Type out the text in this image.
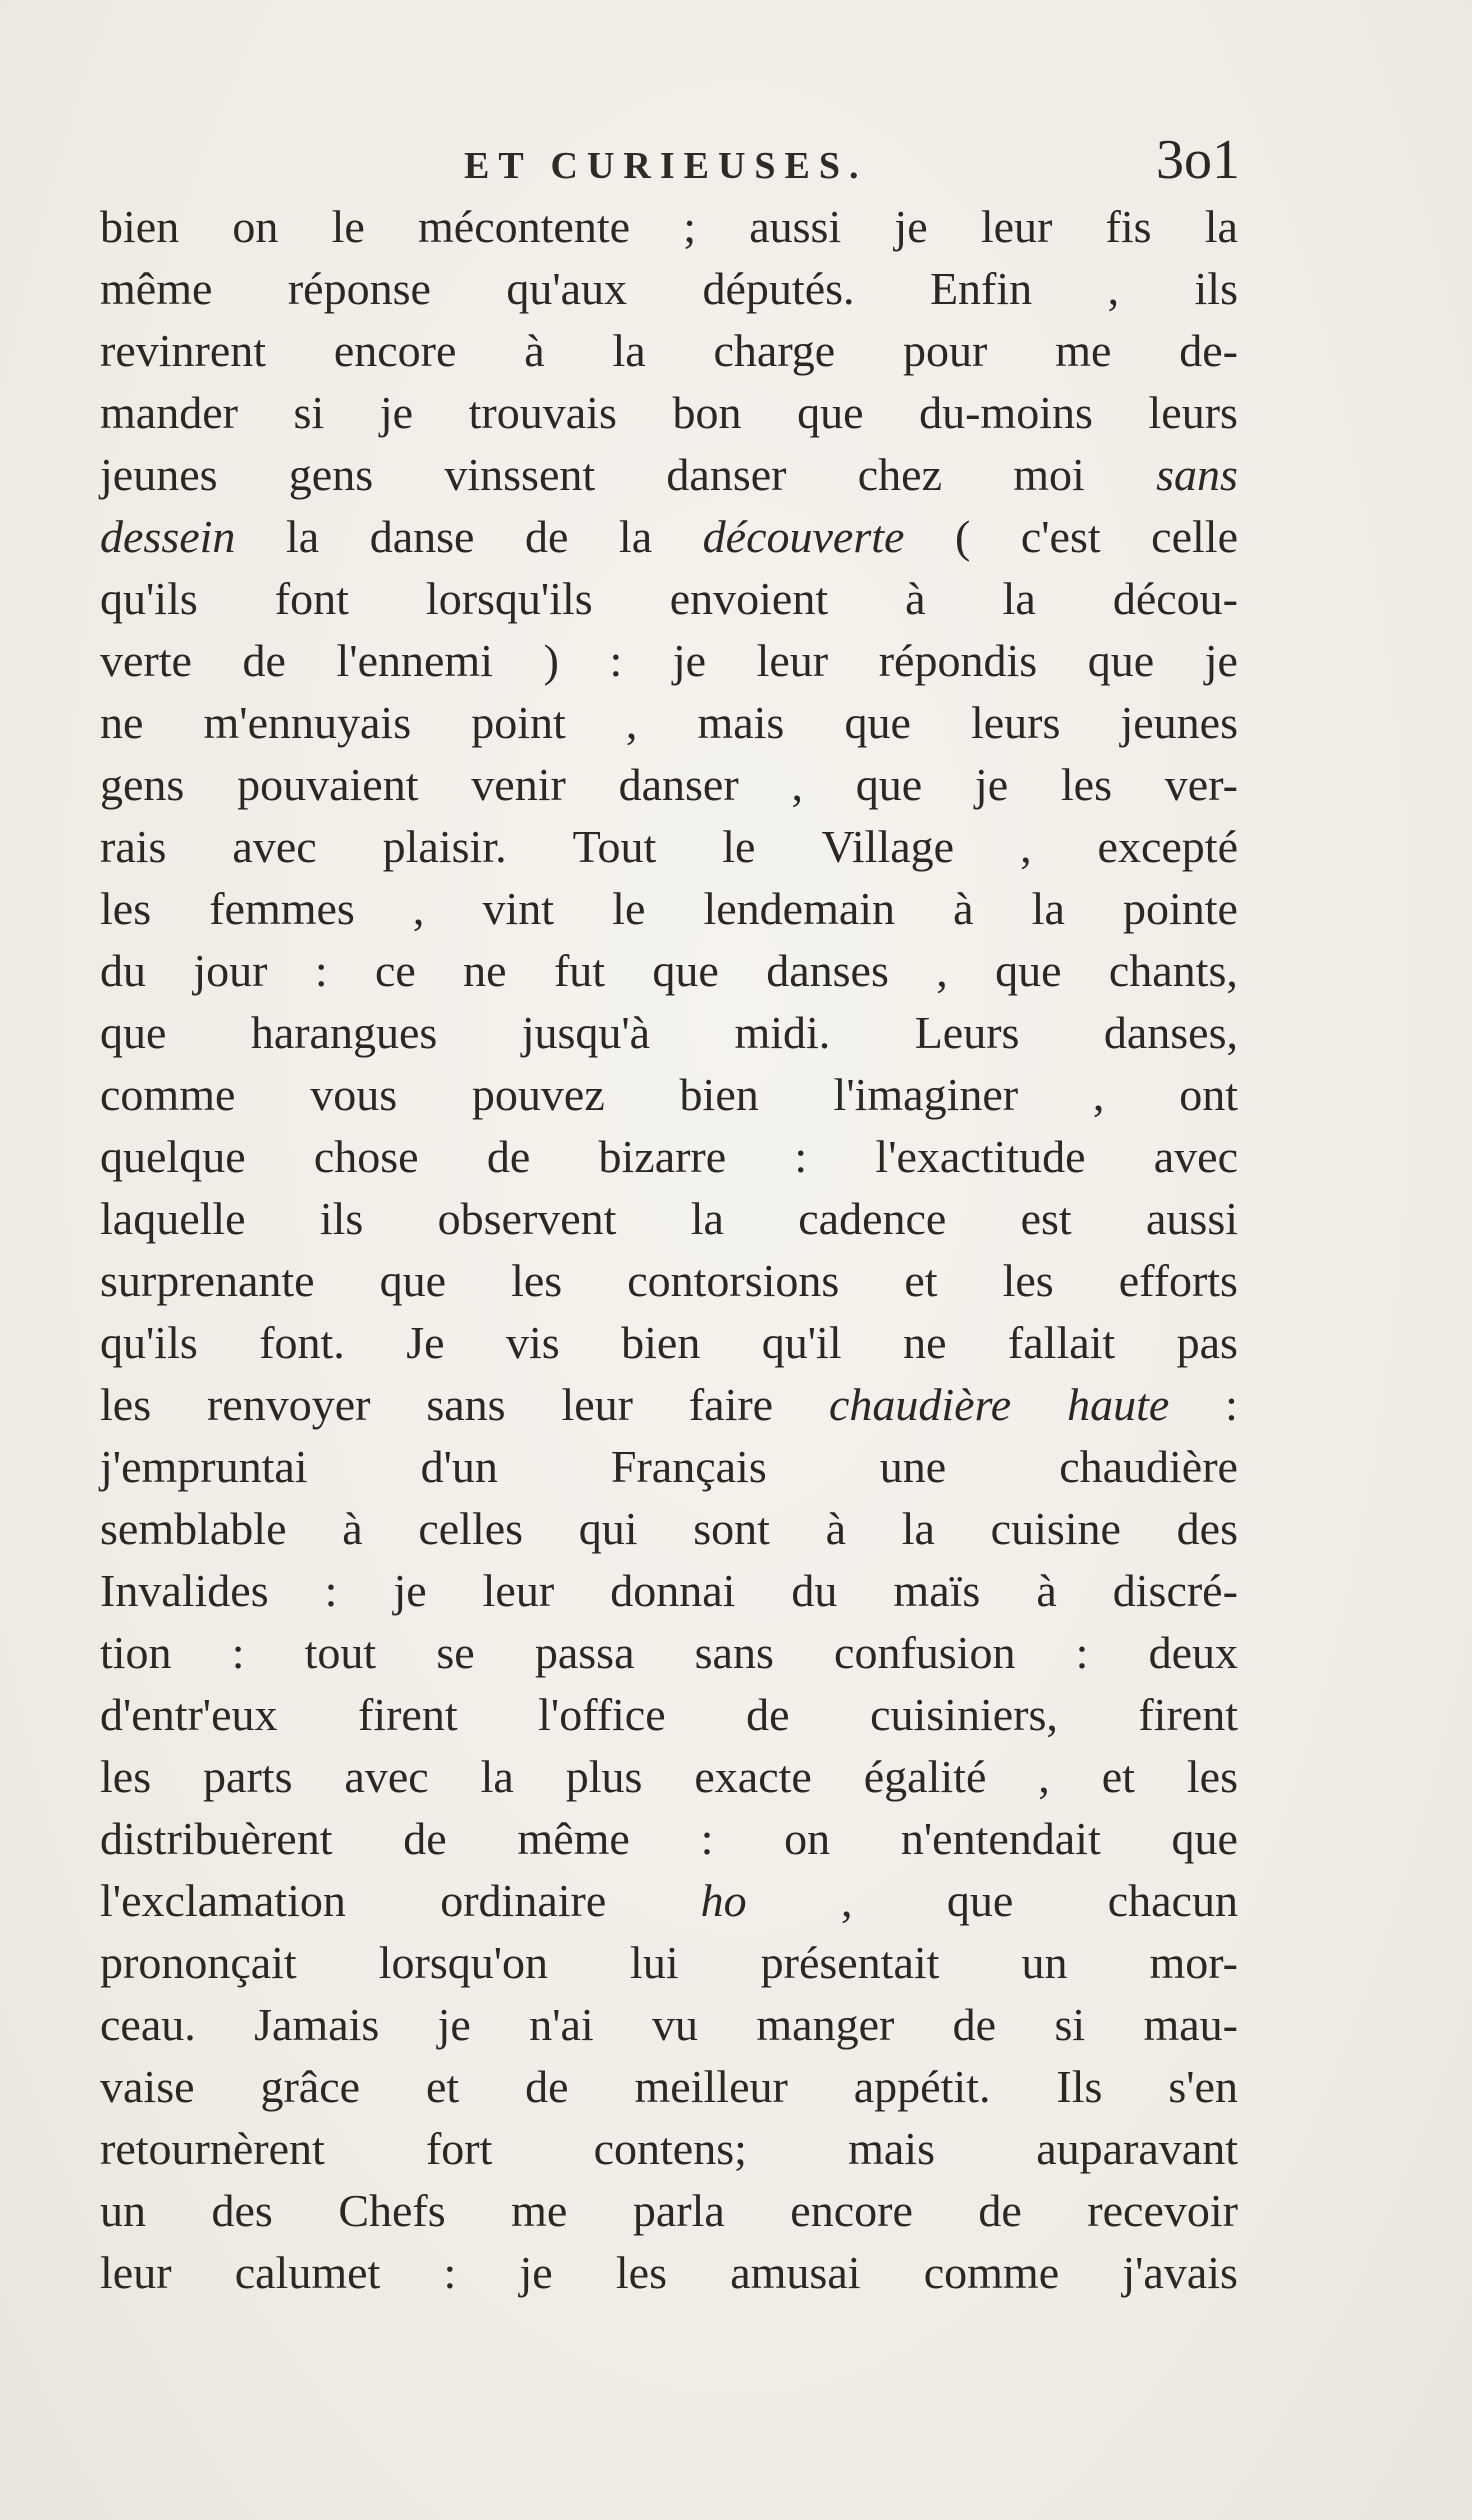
ET CURIEUSES.	3o1
bien on le mécontente ; aussi je leur fis la
même réponse qu'aux députés. Enfin , ils
revinrent encore à la charge pour me de-
mander si je trouvais bon que du-moins leurs
jeunes gens vinssent danser chez moi sans
dessein la danse de la découverte ( c'est celle
qu'ils font lorsqu'ils envoient à la décou-
verte de l'ennemi ) : je leur répondis que je
ne m'ennuyais point , mais que leurs jeunes
gens pouvaient venir danser , que je les ver-
rais avec plaisir. Tout le Village , excepté
les femmes , vint le lendemain à la pointe
du jour : ce ne fut que danses , que chants,
que harangues jusqu'à midi. Leurs danses,
comme vous pouvez bien l'imaginer , ont
quelque chose de bizarre : l'exactitude avec
laquelle ils observent la cadence est aussi
surprenante que les contorsions et les efforts
qu'ils font. Je vis bien qu'il ne fallait pas
les renvoyer sans leur faire chaudière haute :
j'empruntai d'un Français une chaudière
semblable à celles qui sont à la cuisine des
Invalides : je leur donnai du maïs à discré-
tion : tout se passa sans confusion : deux
d'entr'eux firent l'office de cuisiniers, firent
les parts avec la plus exacte égalité , et les
distribuèrent de même : on n'entendait que
l'exclamation ordinaire ho , que chacun
prononçait lorsqu'on lui présentait un mor-
ceau. Jamais je n'ai vu manger de si mau-
vaise grâce et de meilleur appétit. Ils s'en
retournèrent fort contens; mais auparavant
un des Chefs me parla encore de recevoir
leur calumet : je les amusai comme j'avais
